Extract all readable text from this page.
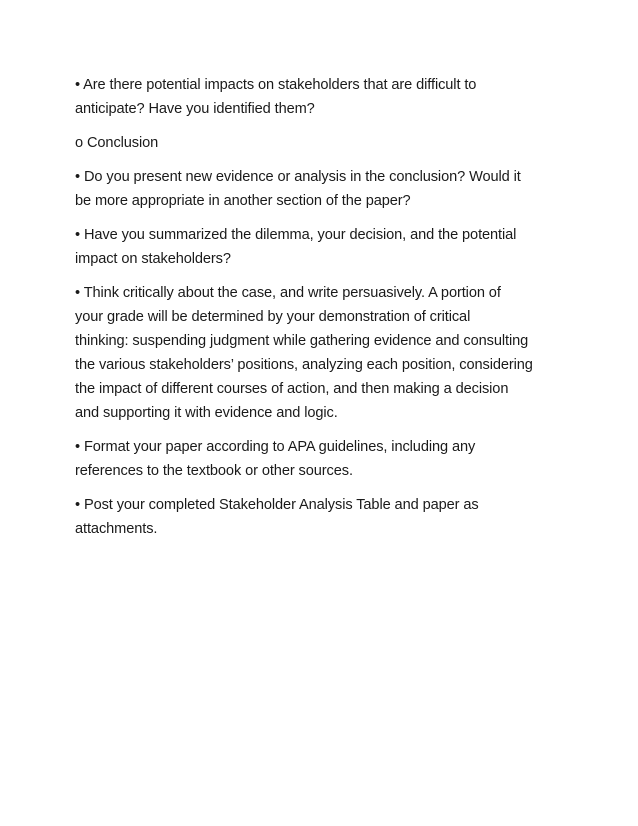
• Are there potential impacts on stakeholders that are difficult to
anticipate? Have you identified them?

o Conclusion

• Do you present new evidence or analysis in the conclusion? Would it
be more appropriate in another section of the paper?

• Have you summarized the dilemma, your decision, and the potential
impact on stakeholders?

• Think critically about the case, and write persuasively. A portion of
your grade will be determined by your demonstration of critical
thinking: suspending judgment while gathering evidence and consulting
the various stakeholders’ positions, analyzing each position, considering
the impact of different courses of action, and then making a decision
and supporting it with evidence and logic.

• Format your paper according to APA guidelines, including any
references to the textbook or other sources.

• Post your completed Stakeholder Analysis Table and paper as
attachments.
